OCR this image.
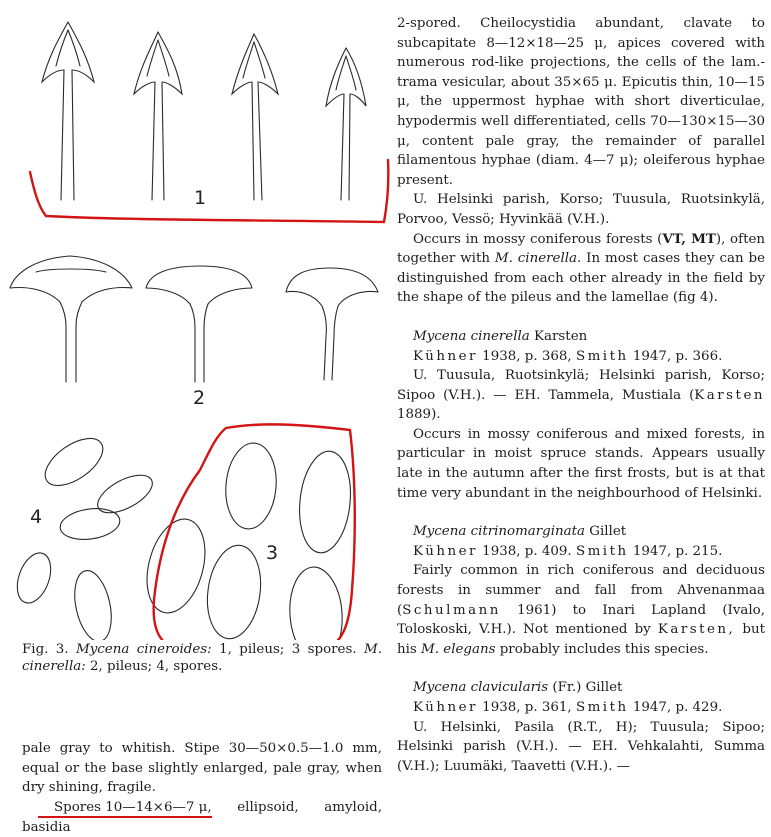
1
2
3
4

Fig. 3. Mycena cineroides: 1, pileus; 3 spores. M. cinerella: 2, pileus; 4, spores.

pale gray to whitish. Stipe 30—50×0.5—1.0 mm, equal or the base slightly enlarged, pale gray, when dry shining, fragile.

Spores 10—14×6—7 μ, ellipsoid, amyloid, basidia

2-spored. Cheilocystidia abundant, clavate to subcapitate 8—12×18—25 μ, apices covered with numerous rod-like projections, the cells of the lam.-trama vesicular, about 35×65 μ. Epicutis thin, 10—15 μ, the uppermost hyphae with short diverticulae, hypodermis well differentiated, cells 70—130×15—30 μ, content pale gray, the remainder of parallel filamentous hyphae (diam. 4—7 μ); oleiferous hyphae present.

U. Helsinki parish, Korso; Tuusula, Ruotsinkylä, Porvoo, Vessö; Hyvinkää (V.H.).

Occurs in mossy coniferous forests (VT, MT), often together with M. cinerella. In most cases they can be distinguished from each other already in the field by the shape of the pileus and the lamellae (fig 4).

Mycena cinerella Karsten

Kühner 1938, p. 368, Smith 1947, p. 366.

U. Tuusula, Ruotsinkylä; Helsinki parish, Korso; Sipoo (V.H.). — EH. Tammela, Mustiala (Karsten 1889).

Occurs in mossy coniferous and mixed forests, in particular in moist spruce stands. Appears usually late in the autumn after the first frosts, but is at that time very abundant in the neighbourhood of Helsinki.

Mycena citrinomarginata Gillet

Kühner 1938, p. 409. Smith 1947, p. 215.

Fairly common in rich coniferous and deciduous forests in summer and fall from Ahvenanmaa (Schulmann 1961) to Inari Lapland (Ivalo, Toloskoski, V.H.). Not mentioned by Karsten, but his M. elegans probably includes this species.

Mycena clavicularis (Fr.) Gillet

Kühner 1938, p. 361, Smith 1947, p. 429.

U. Helsinki, Pasila (R.T., H); Tuusula; Sipoo; Helsinki parish (V.H.). — EH. Vehkalahti, Summa (V.H.); Luumäki, Taavetti (V.H.). —
